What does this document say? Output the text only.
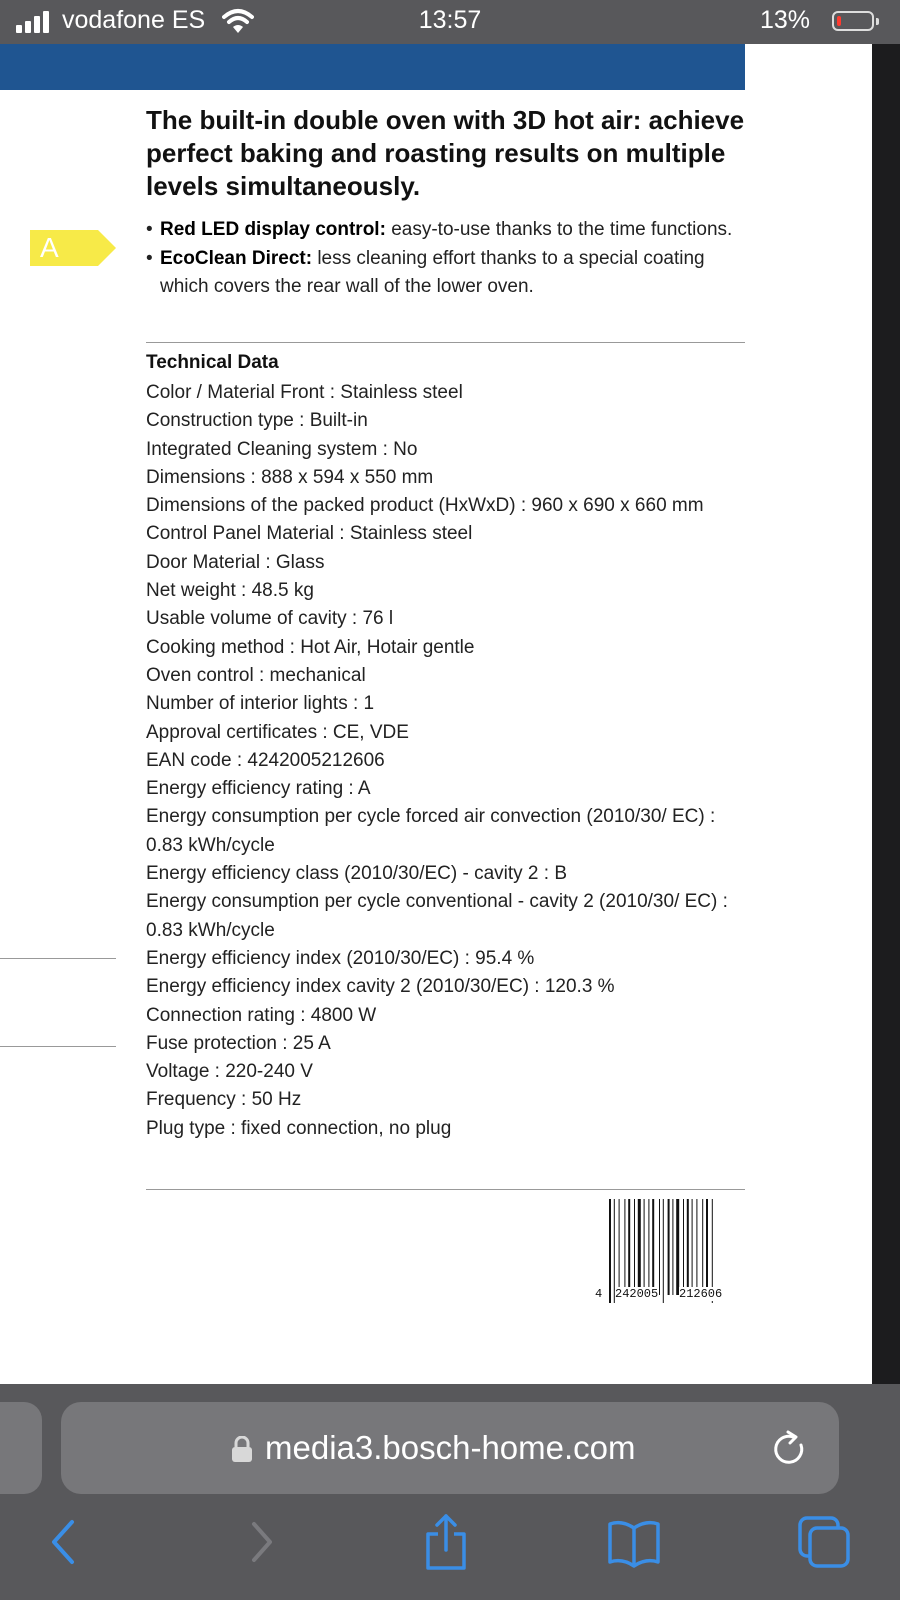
vodafone ES	13:57	13%
The built-in double oven with 3D hot air: achieve perfect baking and roasting results on multiple levels simultaneously.
A
• Red LED display control: easy-to-use thanks to the time functions.
• EcoClean Direct: less cleaning effort thanks to a special coating which covers the rear wall of the lower oven.
Technical Data
Color / Material Front : Stainless steel
Construction type : Built-in
Integrated Cleaning system : No
Dimensions : 888 x 594 x 550 mm
Dimensions of the packed product (HxWxD) : 960 x 690 x 660 mm
Control Panel Material : Stainless steel
Door Material : Glass
Net weight : 48.5 kg
Usable volume of cavity : 76 l
Cooking method : Hot Air, Hotair gentle
Oven control : mechanical
Number of interior lights : 1
Approval certificates : CE, VDE
EAN code : 4242005212606
Energy efficiency rating : A
Energy consumption per cycle forced air convection (2010/30/ EC) : 0.83 kWh/cycle
Energy efficiency class (2010/30/EC) - cavity 2 : B
Energy consumption per cycle conventional - cavity 2 (2010/30/ EC) : 0.83 kWh/cycle
Energy efficiency index (2010/30/EC) : 95.4 %
Energy efficiency index cavity 2 (2010/30/EC) : 120.3 %
Connection rating : 4800 W
Fuse protection : 25 A
Voltage : 220-240 V
Frequency : 50 Hz
Plug type : fixed connection, no plug
4 242005 212606
media3.bosch-home.com
